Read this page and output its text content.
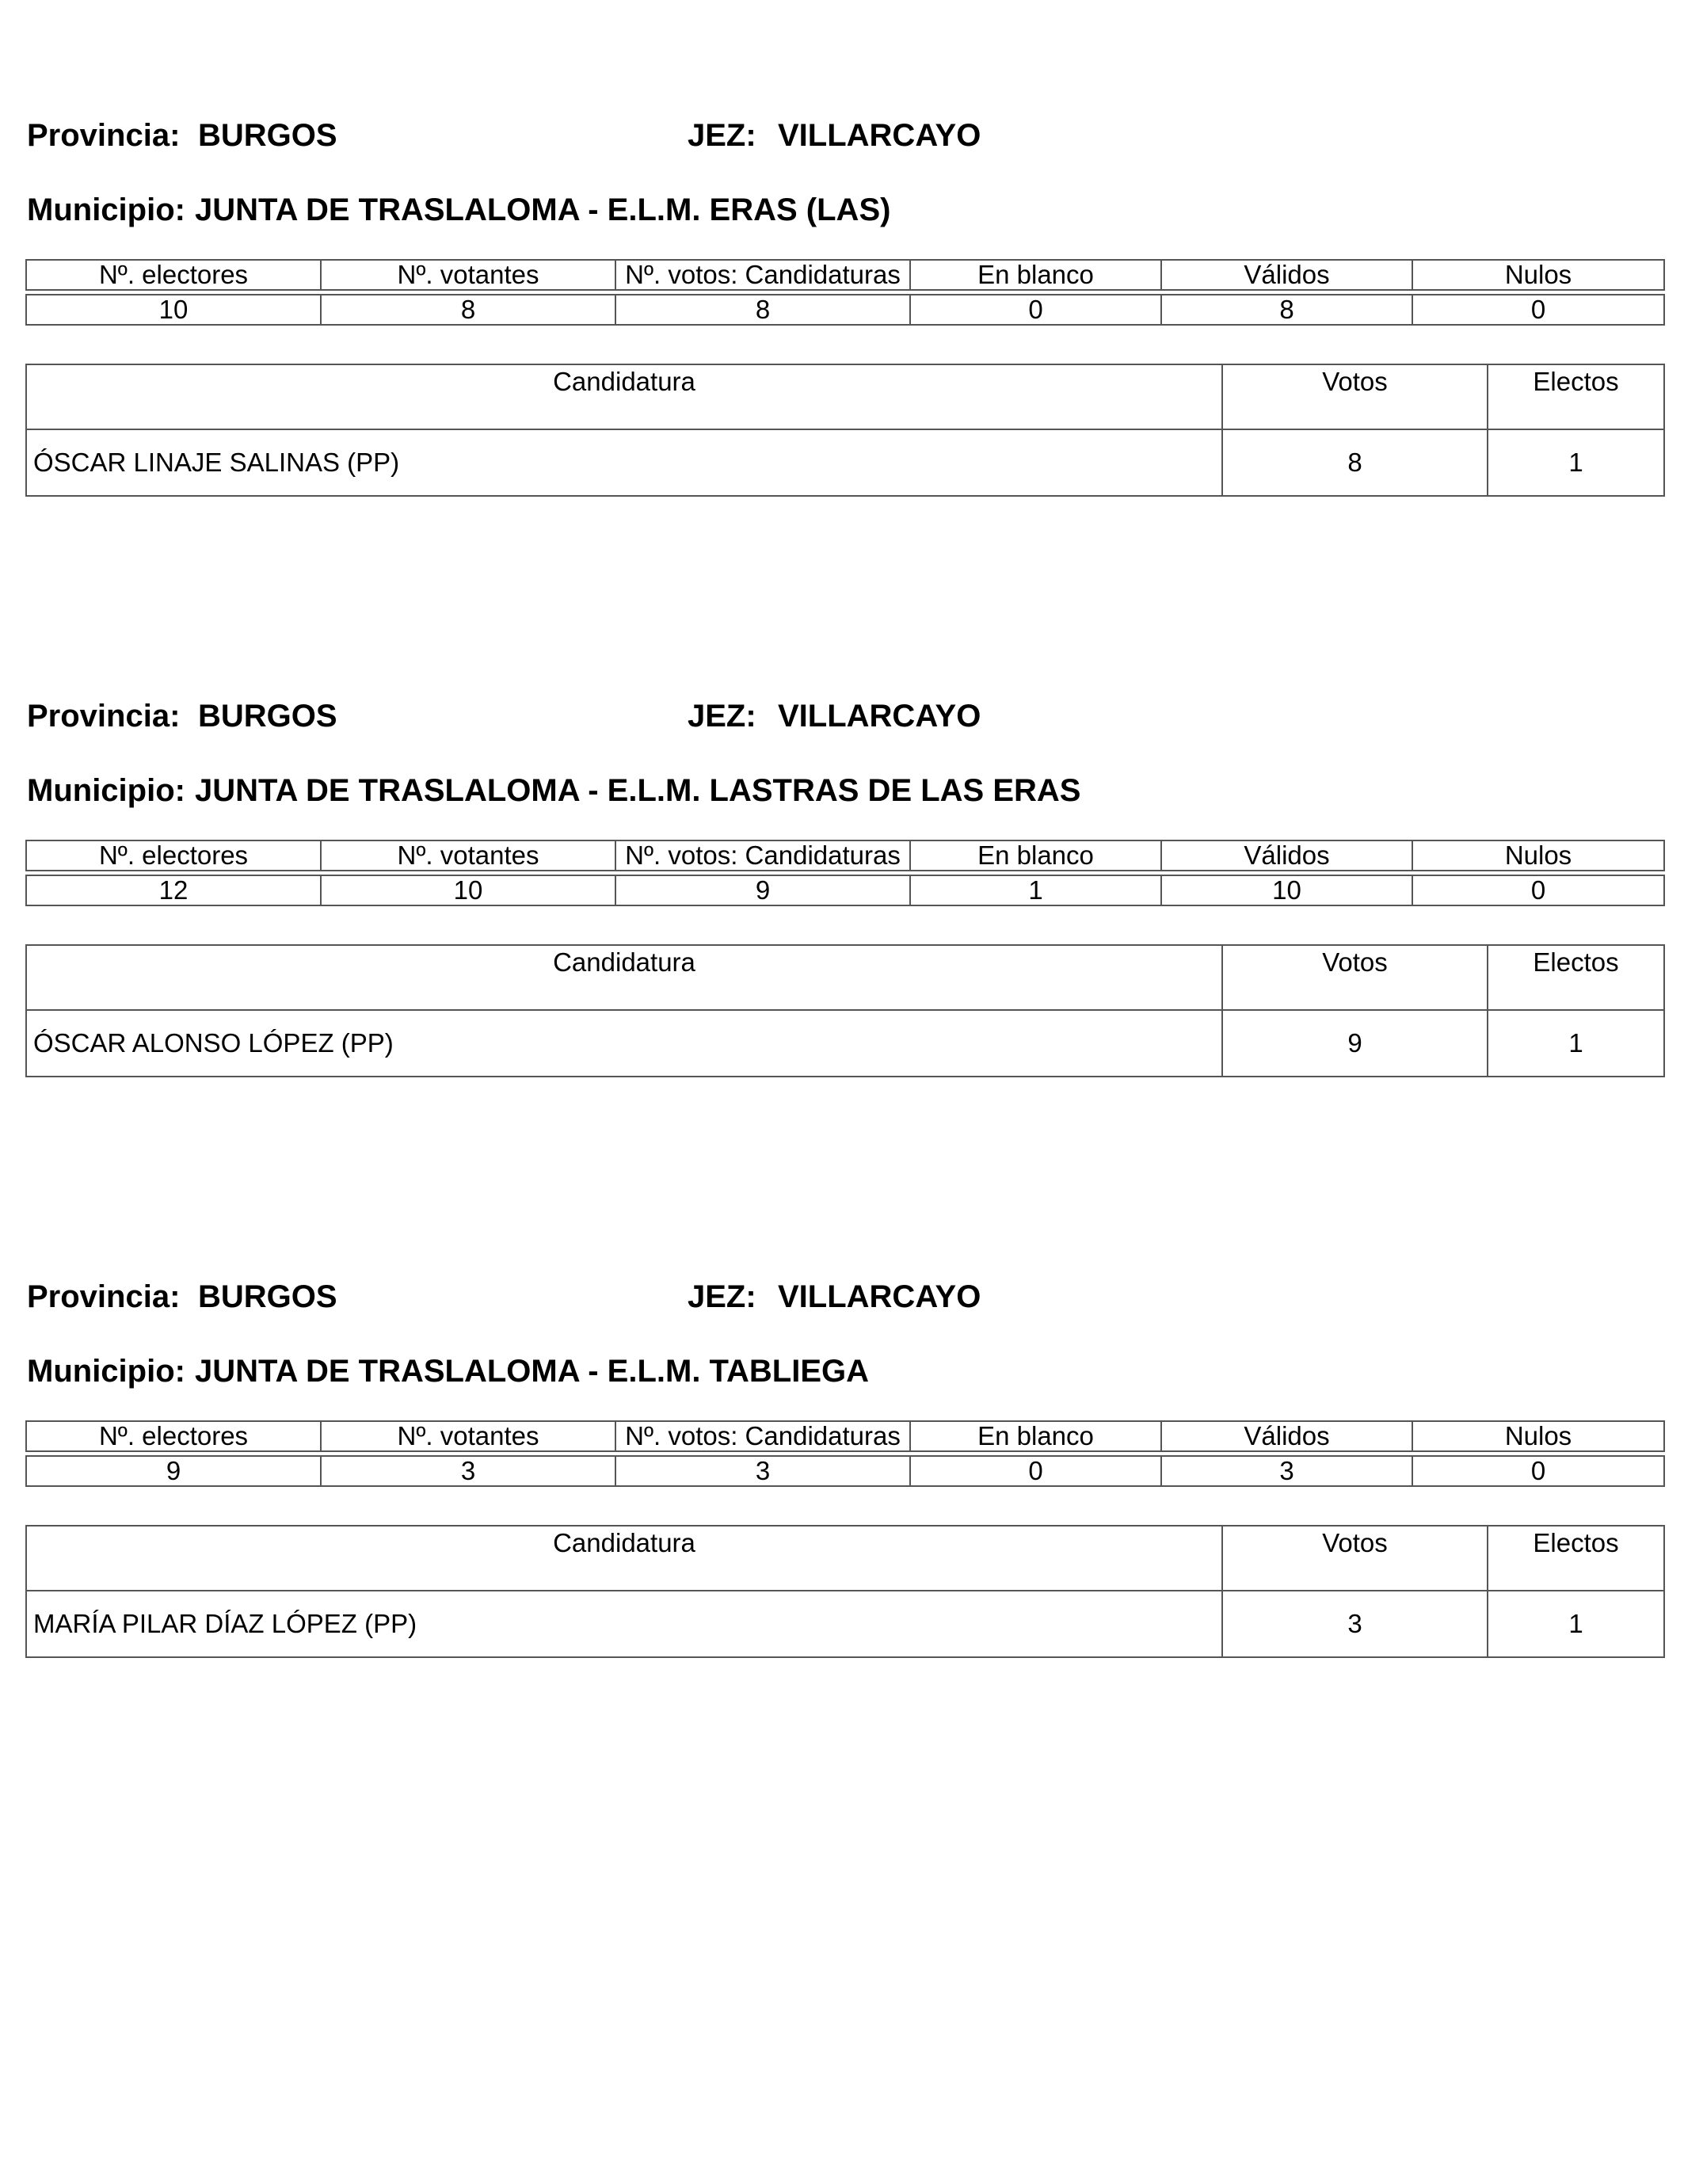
Provincia: BURGOS	JEZ: VILLARCAYO
Municipio: JUNTA DE TRASLALOMA - E.L.M. ERAS (LAS)
Nº. electores	Nº. votantes	Nº. votos: Candidaturas	En blanco	Válidos	Nulos

10	8	8	0	8	0
Candidatura	Votos	Electos
ÓSCAR LINAJE SALINAS (PP)	8	1
Provincia: BURGOS	JEZ: VILLARCAYO
Municipio: JUNTA DE TRASLALOMA - E.L.M. LASTRAS DE LAS ERAS
Nº. electores	Nº. votantes	Nº. votos: Candidaturas	En blanco	Válidos	Nulos

12	10	9	1	10	0
Candidatura	Votos	Electos
ÓSCAR ALONSO LÓPEZ (PP)	9	1
Provincia: BURGOS	JEZ: VILLARCAYO
Municipio: JUNTA DE TRASLALOMA - E.L.M. TABLIEGA
Nº. electores	Nº. votantes	Nº. votos: Candidaturas	En blanco	Válidos	Nulos

9	3	3	0	3	0
Candidatura	Votos	Electos
MARÍA PILAR DÍAZ LÓPEZ (PP)	3	1
